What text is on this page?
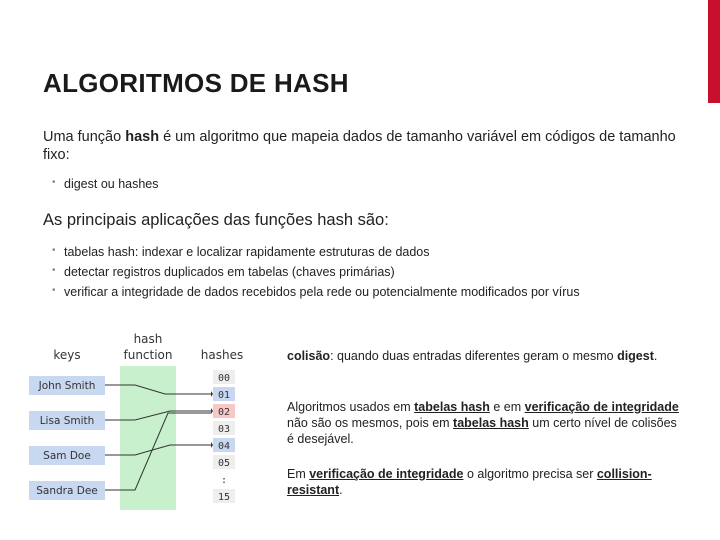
ALGORITMOS DE HASH

Uma função hash é um algoritmo que mapeia dados de tamanho variável em códigos de tamanho fixo:

• digest ou hashes

As principais aplicações das funções hash são:

• tabelas hash: indexar e localizar rapidamente estruturas de dados
• detectar registros duplicados em tabelas (chaves primárias)
• verificar a integridade de dados recebidos pela rede ou potencialmente modificados por vírus
hash
function
keys	hashes
John Smith
Lisa Smith
Sam Doe
Sandra Dee
00
01
02
03
04
05
:
15
colisão: quando duas entradas diferentes geram o mesmo digest.
Algoritmos usados em tabelas hash e em verificação de integridade não são os mesmos, pois em tabelas hash um certo nível de colisões é desejável.
Em verificação de integridade o algoritmo precisa ser collision-resistant.
